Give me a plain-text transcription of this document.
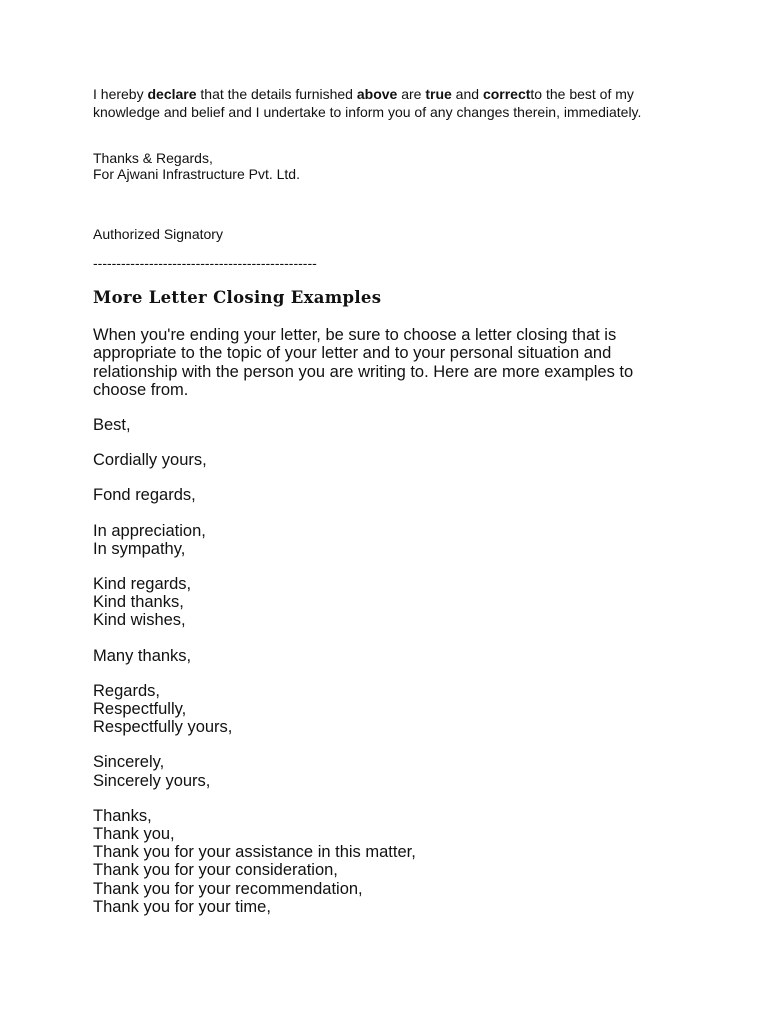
I hereby declare that the details furnished above are true and correctto the best of my knowledge and belief and I undertake to inform you of any changes therein, immediately.
Thanks & Regards,
For Ajwani Infrastructure Pvt. Ltd.
Authorized Signatory
------------------------------------------------
More Letter Closing Examples
When you're ending your letter, be sure to choose a letter closing that is appropriate to the topic of your letter and to your personal situation and relationship with the person you are writing to. Here are more examples to choose from.
Best,
Cordially yours,
Fond regards,
In appreciation,
In sympathy,
Kind regards,
Kind thanks,
Kind wishes,
Many thanks,
Regards,
Respectfully,
Respectfully yours,
Sincerely,
Sincerely yours,
Thanks,
Thank you,
Thank you for your assistance in this matter,
Thank you for your consideration,
Thank you for your recommendation,
Thank you for your time,
